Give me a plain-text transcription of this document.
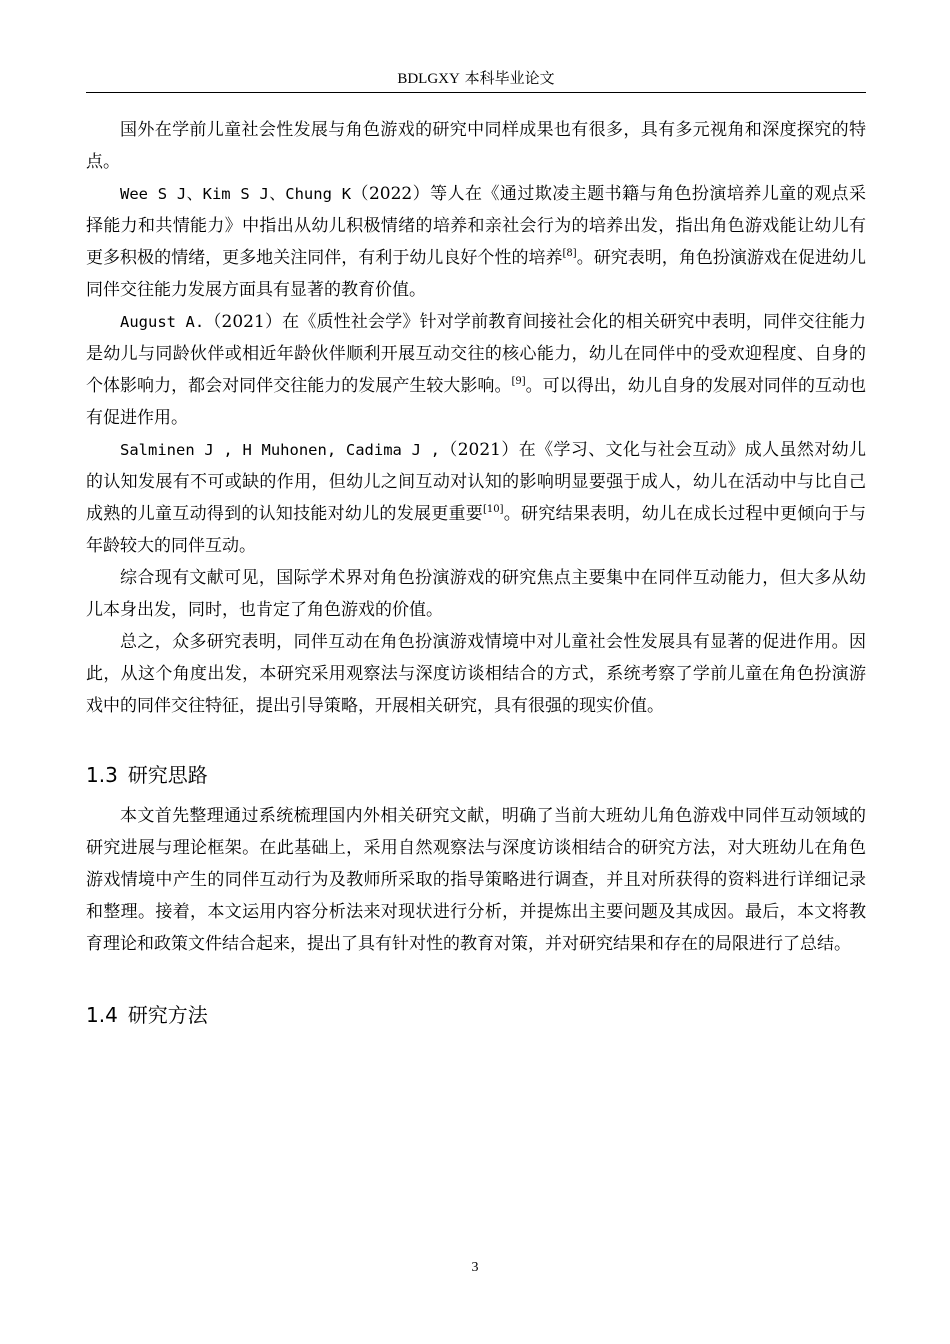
BDLGXY 本科毕业论文

国外在学前儿童社会性发展与角色游戏的研究中同样成果也有很多，具有多元视角和深度探究的特点。

Wee S J、Kim S J、Chung K（2022）等人在《通过欺凌主题书籍与角色扮演培养儿童的观点采择能力和共情能力》中指出从幼儿积极情绪的培养和亲社会行为的培养出发，指出角色游戏能让幼儿有更多积极的情绪，更多地关注同伴，有利于幼儿良好个性的培养[8]。研究表明，角色扮演游戏在促进幼儿同伴交往能力发展方面具有显著的教育价值。

August A.（2021）在《质性社会学》针对学前教育间接社会化的相关研究中表明，同伴交往能力是幼儿与同龄伙伴或相近年龄伙伴顺利开展互动交往的核心能力，幼儿在同伴中的受欢迎程度、自身的个体影响力，都会对同伴交往能力的发展产生较大影响。[9]。可以得出，幼儿自身的发展对同伴的互动也有促进作用。

Salminen J , H Muhonen, Cadima J ,（2021）在《学习、文化与社会互动》成人虽然对幼儿的认知发展有不可或缺的作用，但幼儿之间互动对认知的影响明显要强于成人，幼儿在活动中与比自己成熟的儿童互动得到的认知技能对幼儿的发展更重要[10]。研究结果表明，幼儿在成长过程中更倾向于与年龄较大的同伴互动。

综合现有文献可见，国际学术界对角色扮演游戏的研究焦点主要集中在同伴互动能力，但大多从幼儿本身出发，同时，也肯定了角色游戏的价值。

总之，众多研究表明，同伴互动在角色扮演游戏情境中对儿童社会性发展具有显著的促进作用。因此，从这个角度出发，本研究采用观察法与深度访谈相结合的方式，系统考察了学前儿童在角色扮演游戏中的同伴交往特征，提出引导策略，开展相关研究，具有很强的现实价值。

1.3 研究思路

本文首先整理通过系统梳理国内外相关研究文献，明确了当前大班幼儿角色游戏中同伴互动领域的研究进展与理论框架。在此基础上，采用自然观察法与深度访谈相结合的研究方法，对大班幼儿在角色游戏情境中产生的同伴互动行为及教师所采取的指导策略进行调查，并且对所获得的资料进行详细记录和整理。接着，本文运用内容分析法来对现状进行分析，并提炼出主要问题及其成因。最后，本文将教育理论和政策文件结合起来，提出了具有针对性的教育对策，并对研究结果和存在的局限进行了总结。

1.4 研究方法
3
